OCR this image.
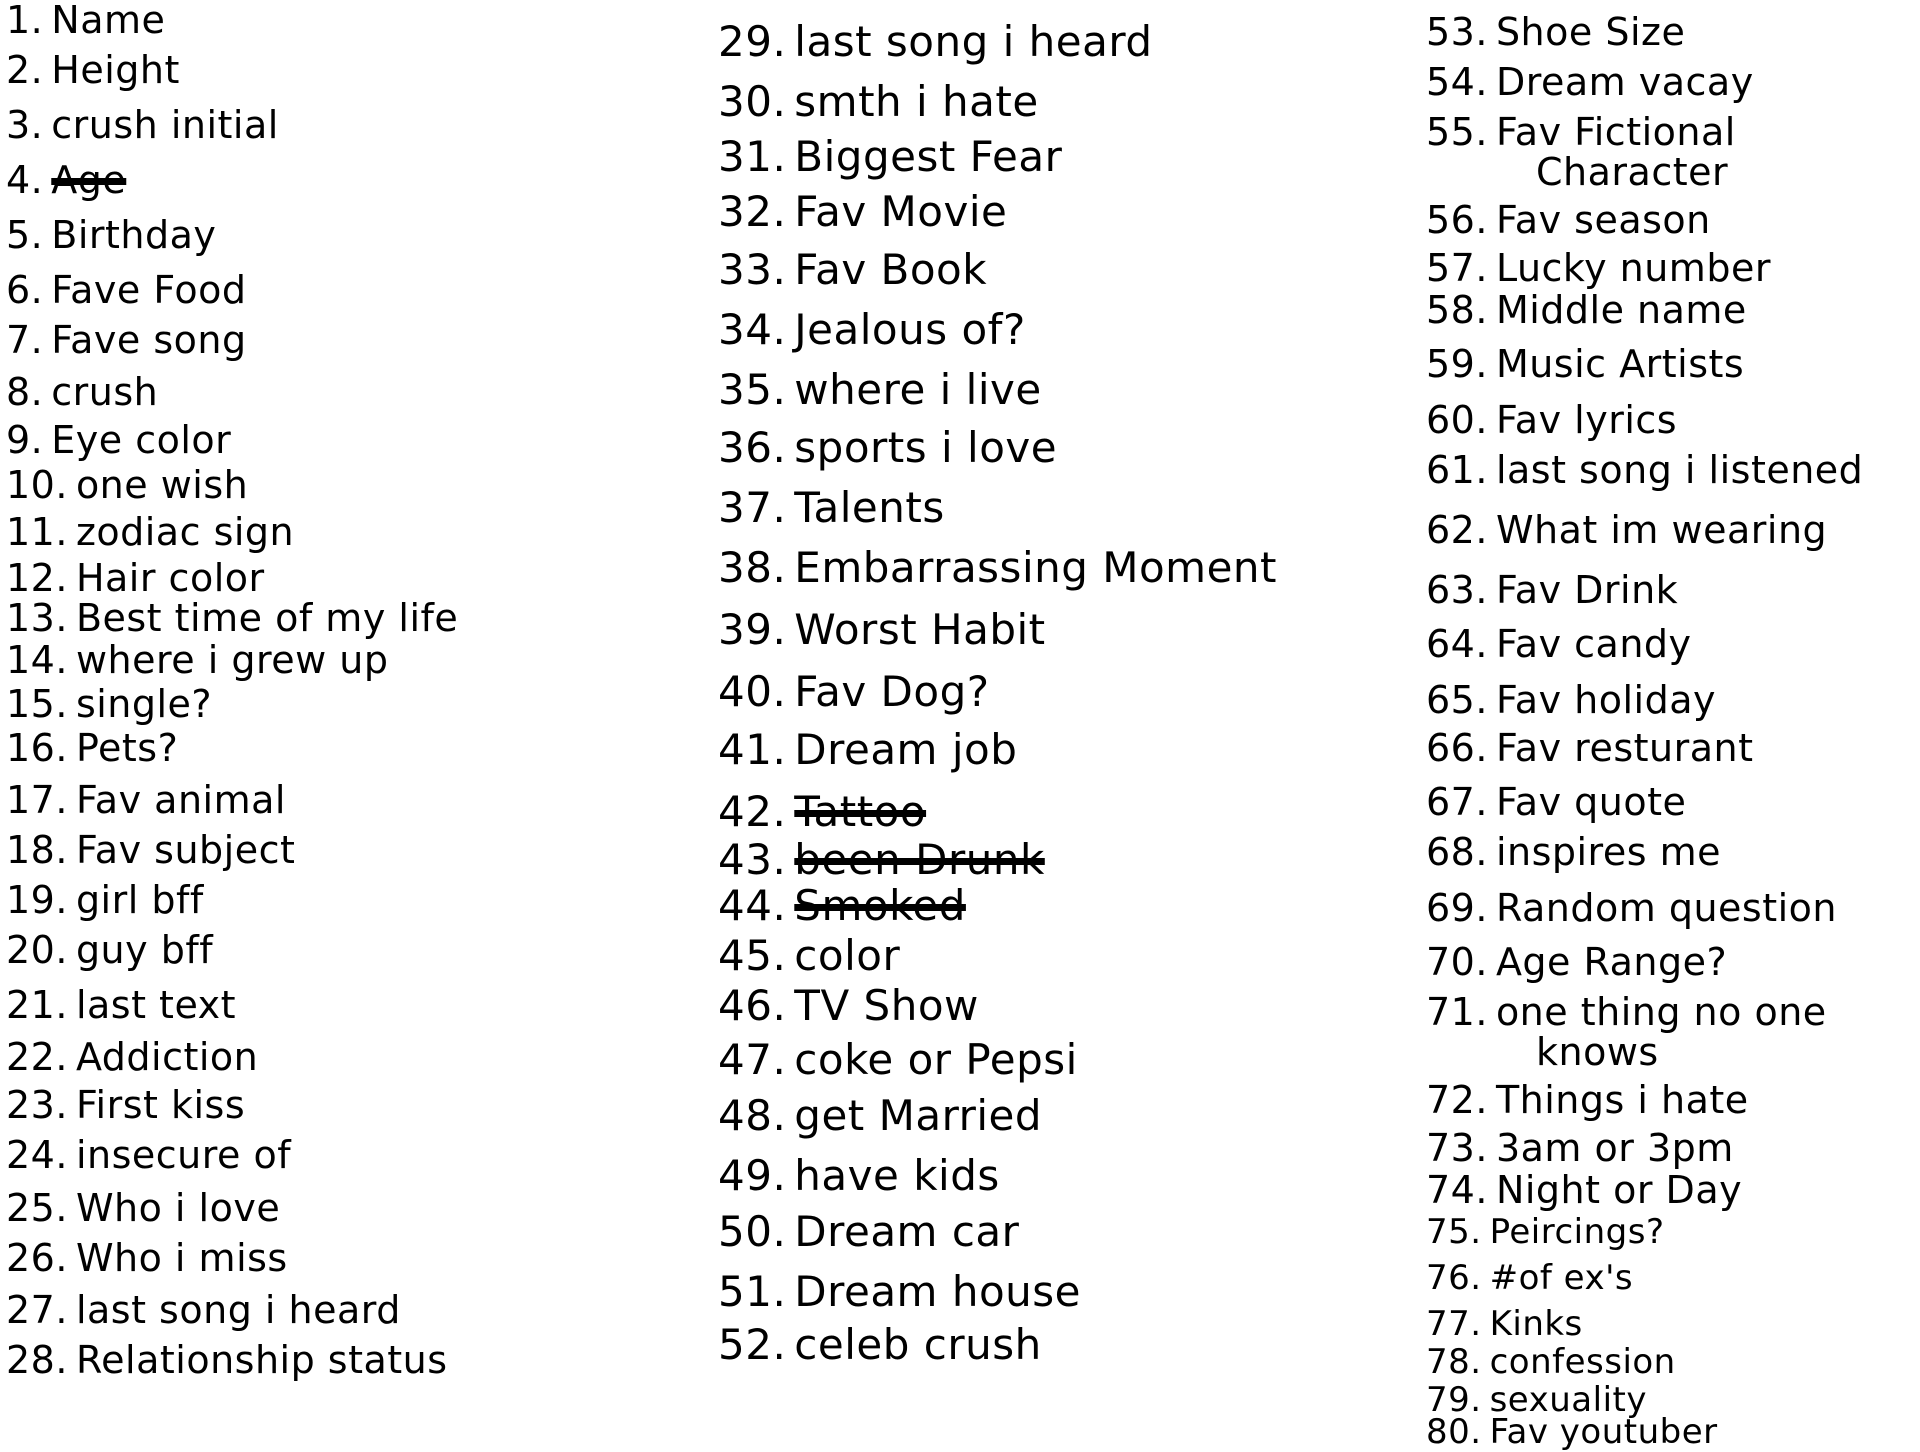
1. Name
2. Height
3. crush initial
4. Age
5. Birthday
6. Fave Food
7. Fave song
8. crush
9. Eye color
10. one wish
11. zodiac sign
12. Hair color
13. Best time of my life
14. where i grew up
15. single?
16. Pets?
17. Fav animal
18. Fav subject
19. girl bff
20. guy bff
21. last text
22. Addiction
23. First kiss
24. insecure of
25. Who i love
26. Who i miss
27. last song i heard
28. Relationship status
29. last song i heard
30. smth i hate
31. Biggest Fear
32. Fav Movie
33. Fav Book
34. Jealous of?
35. where i live
36. sports i love
37. Talents
38. Embarrassing Moment
39. Worst Habit
40. Fav Dog?
41. Dream job
42. Tattoo
43. been Drunk
44. Smoked
45. color
46. TV Show
47. coke or Pepsi
48. get Married
49. have kids
50. Dream car
51. Dream house
52. celeb crush
53. Shoe Size
54. Dream vacay
55. Fav Fictional
Character
56. Fav season
57. Lucky number
58. Middle name
59. Music Artists
60. Fav lyrics
61. last song i listened
62. What im wearing
63. Fav Drink
64. Fav candy
65. Fav holiday
66. Fav resturant
67. Fav quote
68. inspires me
69. Random question
70. Age Range?
71. one thing no one
knows
72. Things i hate
73. 3am or 3pm
74. Night or Day
75. Peircings?
76. #of ex's
77. Kinks
78. confession
79. sexuality
80. Fav youtuber
